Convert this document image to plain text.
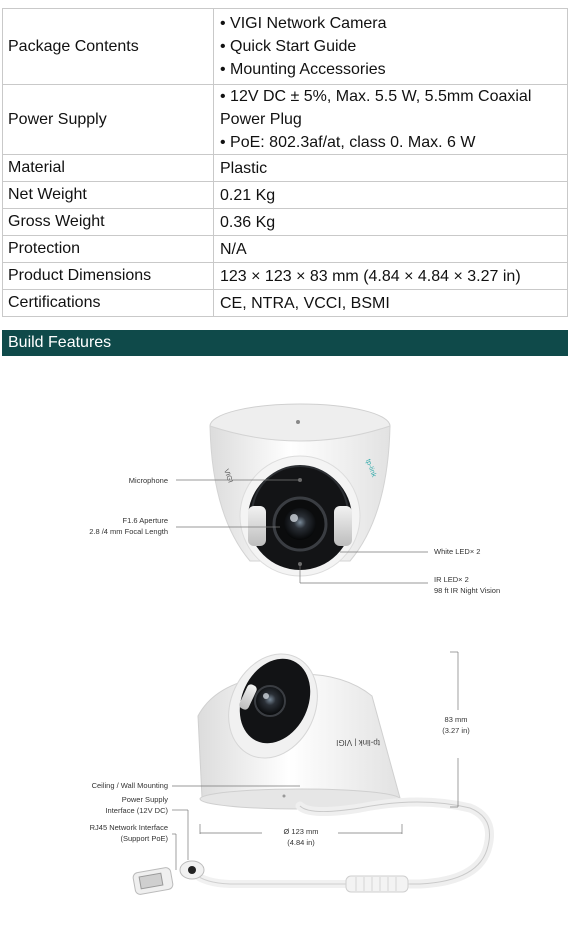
Package Contents	• VIGI Network Camera
• Quick Start Guide
• Mounting Accessories

Power Supply	• 12V DC ± 5%, Max. 5.5 W, 5.5mm Coaxial
Power Plug
• PoE: 802.3af/at, class 0. Max. 6 W

Material	Plastic
Net Weight	0.21 Kg
Gross Weight	0.36 Kg
Protection	N/A
Product Dimensions	123 × 123 × 83 mm (4.84 × 4.84 × 3.27 in)
Certifications	CE, NTRA, VCCI, BSMI
Build Features
VIGI	tp-link
tp-link | VIGI
Microphone
F1.6 Aperture
2.8 /4 mm Focal Length
White LED× 2
IR LED× 2
98 ft IR Night Vision
Ceiling / Wall Mounting
Power Supply
Interface (12V DC)
RJ45 Network Interface
(Support PoE)
83 mm
(3.27 in)
Ø 123 mm
(4.84 in)
